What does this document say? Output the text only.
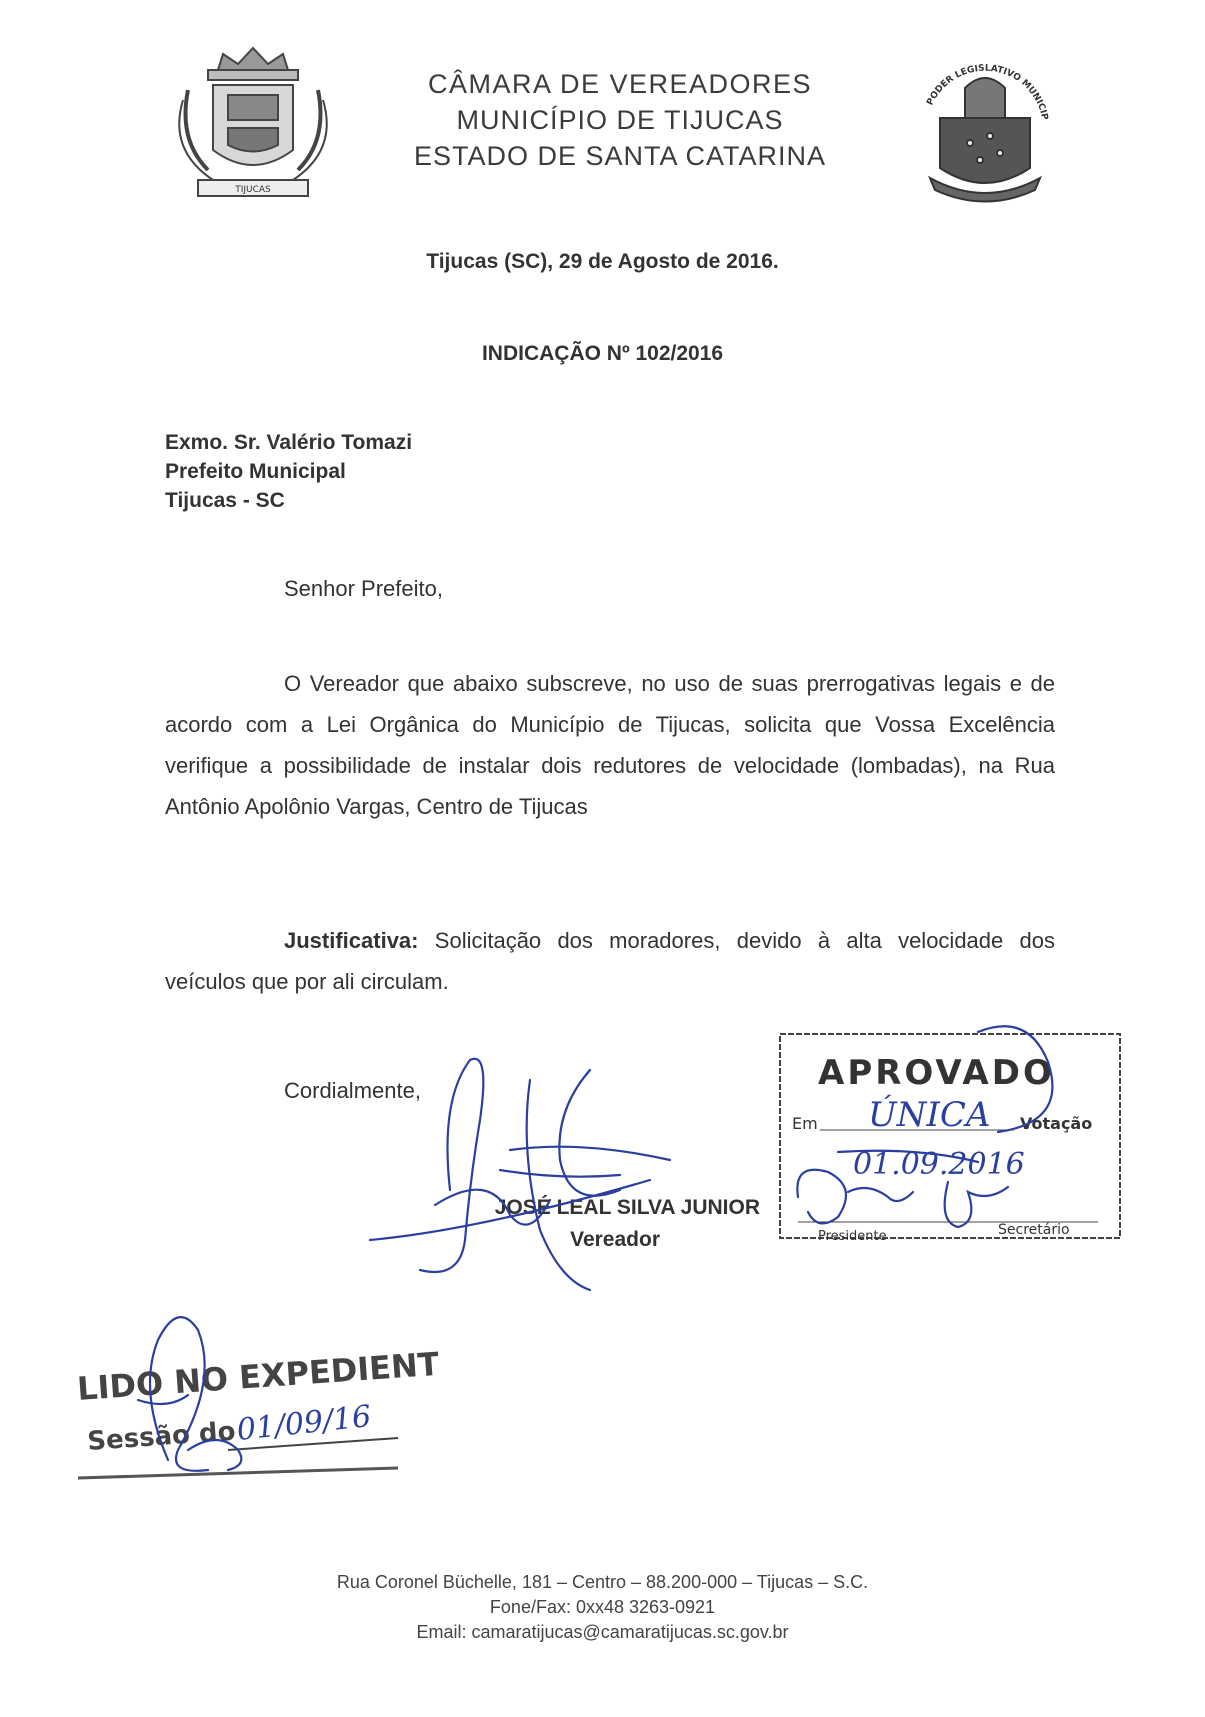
TIJUCAS
CÂMARA DE VEREADORES
MUNICÍPIO DE TIJUCAS
ESTADO DE SANTA CATARINA
PODER LEGISLATIVO MUNICIP
Tijucas (SC), 29 de Agosto de 2016.
INDICAÇÃO Nº 102/2016
Exmo. Sr. Valério Tomazi
Prefeito Municipal
Tijucas - SC
Senhor Prefeito,
O Vereador que abaixo subscreve, no uso de suas prerrogativas legais e de acordo com a Lei Orgânica do Município de Tijucas, solicita que Vossa Excelência verifique a possibilidade de instalar dois redutores de velocidade (lombadas), na Rua Antônio Apolônio Vargas, Centro de Tijucas
Justificativa: Solicitação dos moradores, devido à alta velocidade dos veículos que por ali circulam.
Cordialmente,
JOSÉ LEAL SILVA JUNIOR
Vereador
APROVADO
Em	Votação
ÚNICA
01.09.2016
Presidente	Secretário
LIDO NO EXPEDIENTE
Sessão do
01/09/16
Rua Coronel Büchelle, 181 – Centro – 88.200-000 – Tijucas – S.C.
Fone/Fax: 0xx48 3263-0921
Email: camaratijucas@camaratijucas.sc.gov.br
